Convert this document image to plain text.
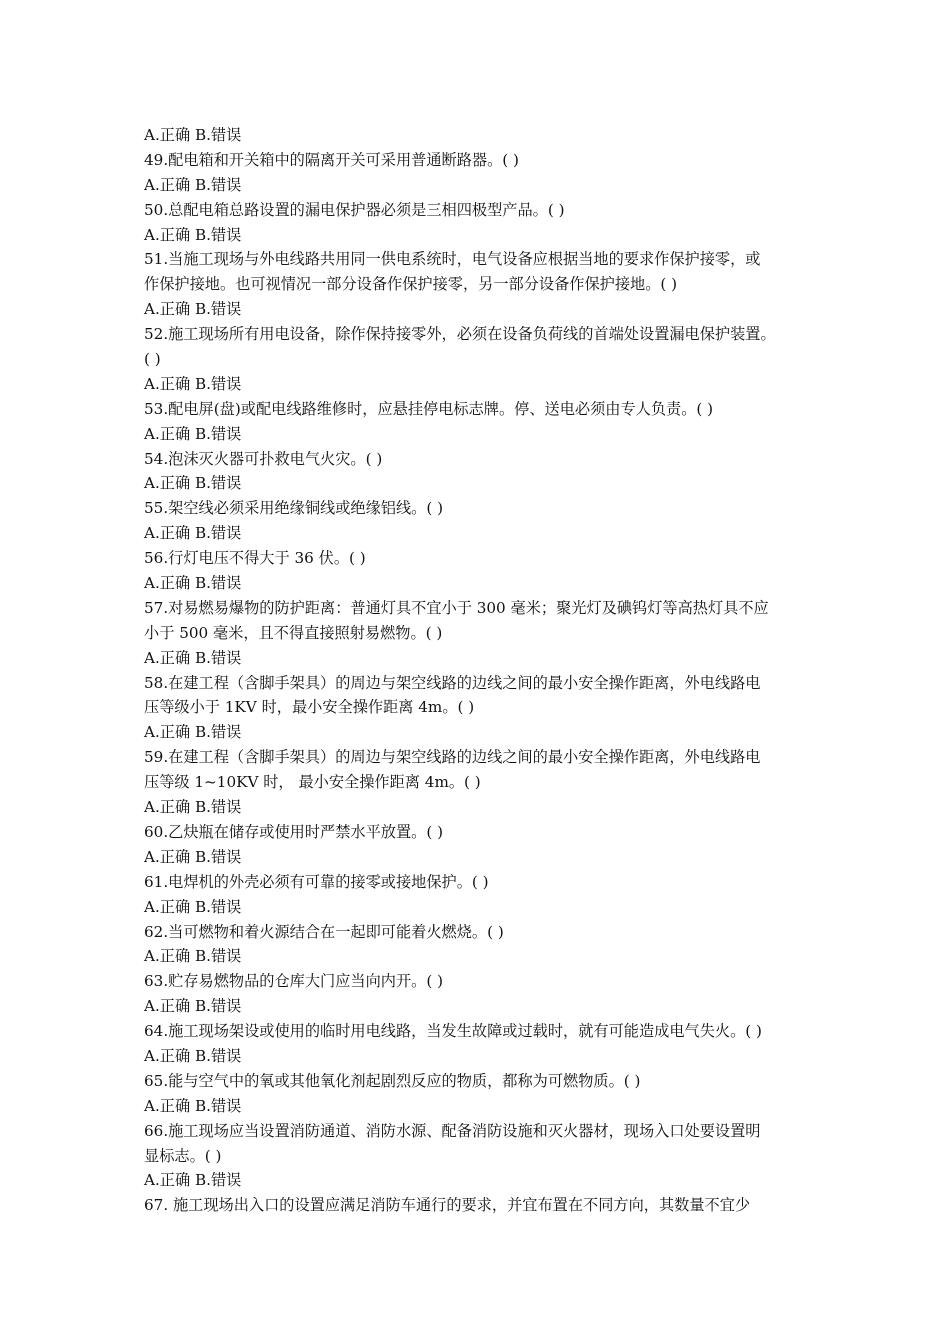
A.正确 B.错误
49.配电箱和开关箱中的隔离开关可采用普通断路器。( )
A.正确 B.错误
50.总配电箱总路设置的漏电保护器必须是三相四极型产品。( )
A.正确 B.错误
51.当施工现场与外电线路共用同一供电系统时，电气设备应根据当地的要求作保护接零，或
作保护接地。也可视情况一部分设备作保护接零，另一部分设备作保护接地。( )
A.正确 B.错误
52.施工现场所有用电设备，除作保持接零外，必须在设备负荷线的首端处设置漏电保护装置。
( )
A.正确 B.错误
53.配电屏(盘)或配电线路维修时，应悬挂停电标志牌。停、送电必须由专人负责。( )
A.正确 B.错误
54.泡沫灭火器可扑救电气火灾。( )
A.正确 B.错误
55.架空线必须采用绝缘铜线或绝缘铝线。( )
A.正确 B.错误
56.行灯电压不得大于 36 伏。( )
A.正确 B.错误
57.对易燃易爆物的防护距离：普通灯具不宜小于 300 毫米；聚光灯及碘钨灯等高热灯具不应
小于 500 毫米，且不得直接照射易燃物。( )
A.正确 B.错误
58.在建工程（含脚手架具）的周边与架空线路的边线之间的最小安全操作距离，外电线路电
压等级小于 1KV 时，最小安全操作距离 4m。( )
A.正确 B.错误
59.在建工程（含脚手架具）的周边与架空线路的边线之间的最小安全操作距离，外电线路电
压等级 1~10KV 时， 最小安全操作距离 4m。( )
A.正确 B.错误
60.乙炔瓶在储存或使用时严禁水平放置。( )
A.正确 B.错误
61.电焊机的外壳必须有可靠的接零或接地保护。( )
A.正确 B.错误
62.当可燃物和着火源结合在一起即可能着火燃烧。( )
A.正确 B.错误
63.贮存易燃物品的仓库大门应当向内开。( )
A.正确 B.错误
64.施工现场架设或使用的临时用电线路，当发生故障或过载时，就有可能造成电气失火。( )
A.正确 B.错误
65.能与空气中的氧或其他氧化剂起剧烈反应的物质，都称为可燃物质。( )
A.正确 B.错误
66.施工现场应当设置消防通道、消防水源、配备消防设施和灭火器材，现场入口处要设置明
显标志。( )
A.正确 B.错误
67. 施工现场出入口的设置应满足消防车通行的要求，并宜布置在不同方向，其数量不宜少
